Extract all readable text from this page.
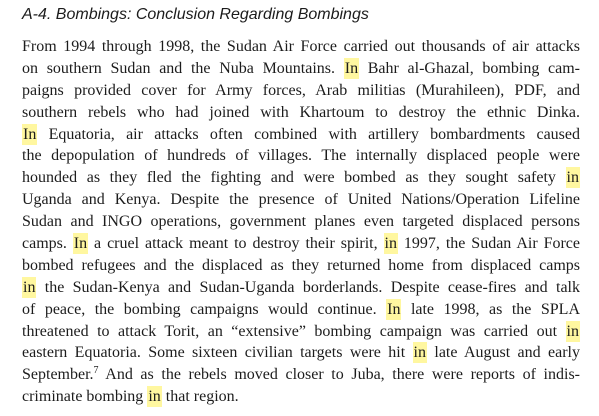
A-4. Bombings: Conclusion Regarding Bombings
From 1994 through 1998, the Sudan Air Force carried out thousands of air attacks
on southern Sudan and the Nuba Mountains. In Bahr al-Ghazal, bombing cam-
paigns provided cover for Army forces, Arab militias (Murahileen), PDF, and
southern rebels who had joined with Khartoum to destroy the ethnic Dinka.
In Equatoria, air attacks often combined with artillery bombardments caused
the depopulation of hundreds of villages. The internally displaced people were
hounded as they fled the fighting and were bombed as they sought safety in
Uganda and Kenya. Despite the presence of United Nations/Operation Lifeline
Sudan and INGO operations, government planes even targeted displaced persons
camps. In a cruel attack meant to destroy their spirit, in 1997, the Sudan Air Force
bombed refugees and the displaced as they returned home from displaced camps
in the Sudan-Kenya and Sudan-Uganda borderlands. Despite cease-fires and talk
of peace, the bombing campaigns would continue. In late 1998, as the SPLA
threatened to attack Torit, an “extensive” bombing campaign was carried out in
eastern Equatoria. Some sixteen civilian targets were hit in late August and early
September.$^7$ And as the rebels moved closer to Juba, there were reports of indis-
criminate bombing in that region.
